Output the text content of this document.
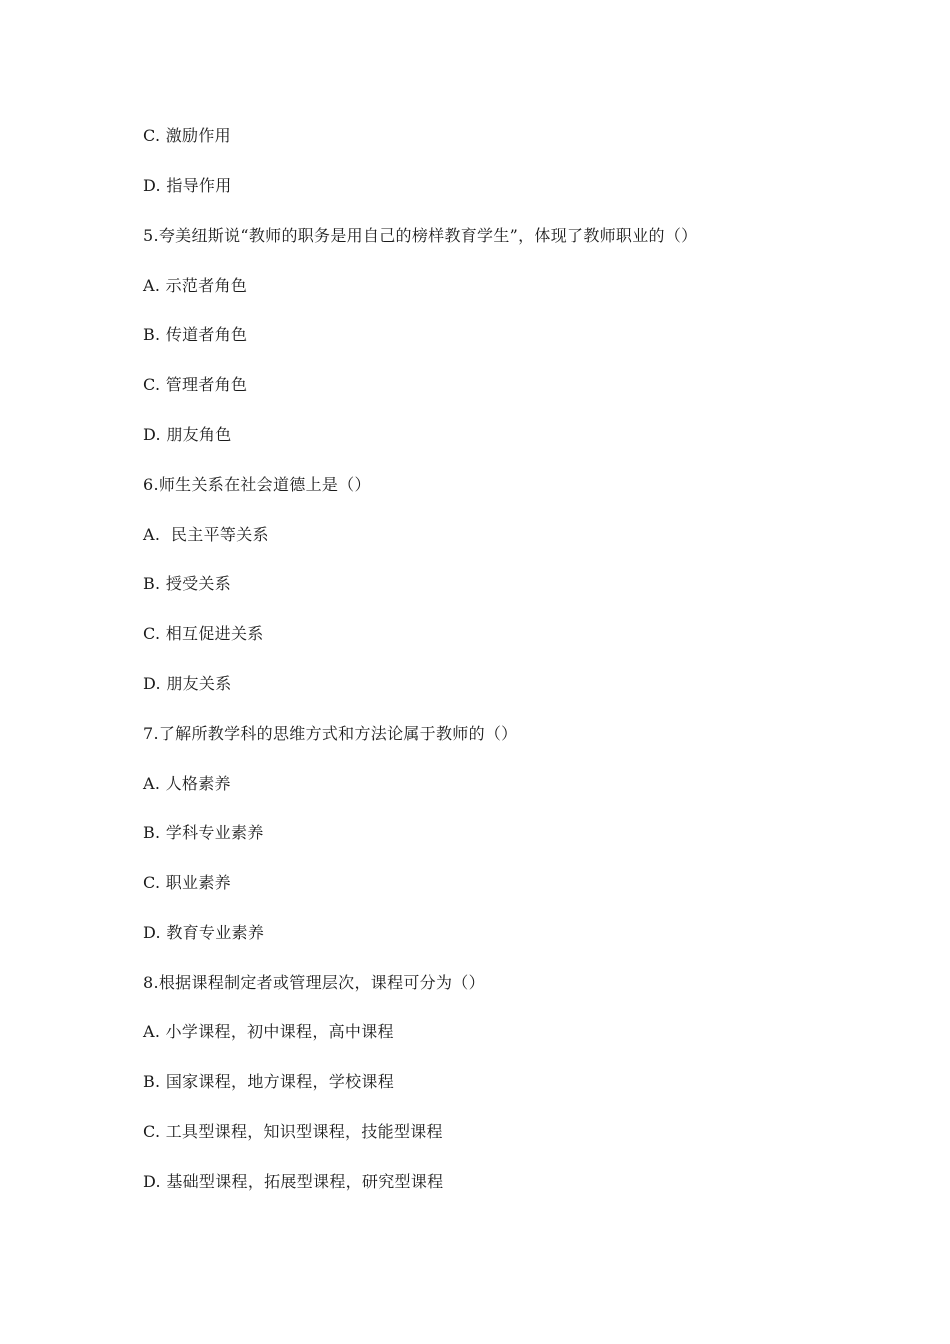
C. 激励作用
D. 指导作用
5.夸美纽斯说“教师的职务是用自己的榜样教育学生”，体现了教师职业的（）
A. 示范者角色
B. 传道者角色
C. 管理者角色
D. 朋友角色
6.师生关系在社会道德上是（）
A.  民主平等关系
B. 授受关系
C. 相互促进关系
D. 朋友关系
7.了解所教学科的思维方式和方法论属于教师的（）
A. 人格素养
B. 学科专业素养
C. 职业素养
D. 教育专业素养
8.根据课程制定者或管理层次，课程可分为（）
A. 小学课程，初中课程，高中课程
B. 国家课程，地方课程，学校课程
C. 工具型课程，知识型课程，技能型课程
D. 基础型课程，拓展型课程，研究型课程
